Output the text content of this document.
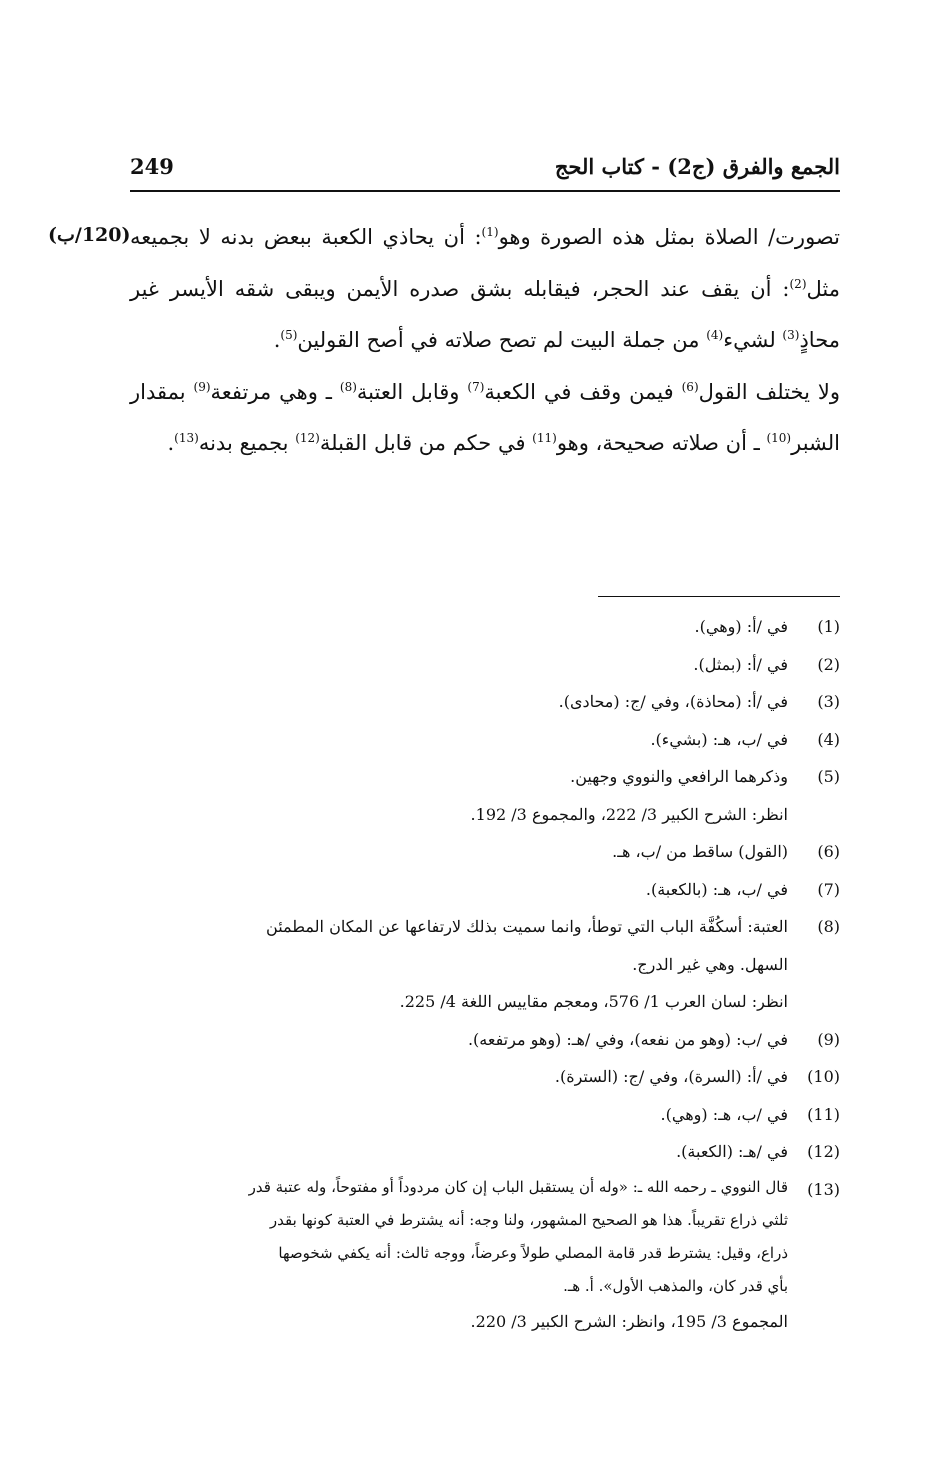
الجمع والفرق (ج2) - كتاب الحج
249
(120/ب)	تصورت/ الصلاة بمثل هذه الصورة وهو$^{(1)}$: أن يحاذي الكعبة ببعض بدنه لا بجميعه مثل$^{(2)}$: أن يقف عند الحجر، فيقابله بشق صدره الأيمن ويبقى شقه الأيسر غير محاذٍ$^{(3)}$ لشيء$^{(4)}$ من جملة البيت لم تصح صلاته في أصح القولين$^{(5)}$.

ولا يختلف القول$^{(6)}$ فيمن وقف في الكعبة$^{(7)}$ وقابل العتبة$^{(8)}$ ـ وهي مرتفعة$^{(9)}$ بمقدار الشبر$^{(10)}$ ـ أن صلاته صحيحة، وهو$^{(11)}$ في حكم من قابل القبلة$^{(12)}$ بجميع بدنه$^{(13)}$.

(1)
في /أ: (وهي).
(2)
في /أ: (بمثل).
(3)
في /أ: (محاذة)، وفي /ج: (محادى).
(4)
في /ب، هـ: (بشيء).
(5)
وذكرهما الرافعي والنووي وجهين.
انظر: الشرح الكبير 3/ 222، والمجموع 3/ 192.
(6)
(القول) ساقط من /ب، هـ.
(7)
في /ب، هـ: (بالكعبة).
(8)
العتبة: أسكُفَّة الباب التي توطأ، وانما سميت بذلك لارتفاعها عن المكان المطمئن
السهل. وهي غير الدرج.
انظر: لسان العرب 1/ 576، ومعجم مقاييس اللغة 4/ 225.
(9)
في /ب: (وهو من نفعه)، وفي /هـ: (وهو مرتفعه).
(10)
في /أ: (السرة)، وفي /ج: (السترة).
(11)
في /ب، هـ: (وهي).
(12)
في /هـ: (الكعبة).
(13)
قال النووي ـ رحمه الله ـ: «وله أن يستقبل الباب إن كان مردوداً أو مفتوحاً، وله عتبة قدر
ثلثي ذراع تقريباً. هذا هو الصحيح المشهور، ولنا وجه: أنه يشترط في العتبة كونها بقدر
ذراع، وقيل: يشترط قدر قامة المصلي طولاً وعرضاً، ووجه ثالث: أنه يكفي شخوصها
بأي قدر كان، والمذهب الأول». أ. هـ.
المجموع 3/ 195، وانظر: الشرح الكبير 3/ 220.
